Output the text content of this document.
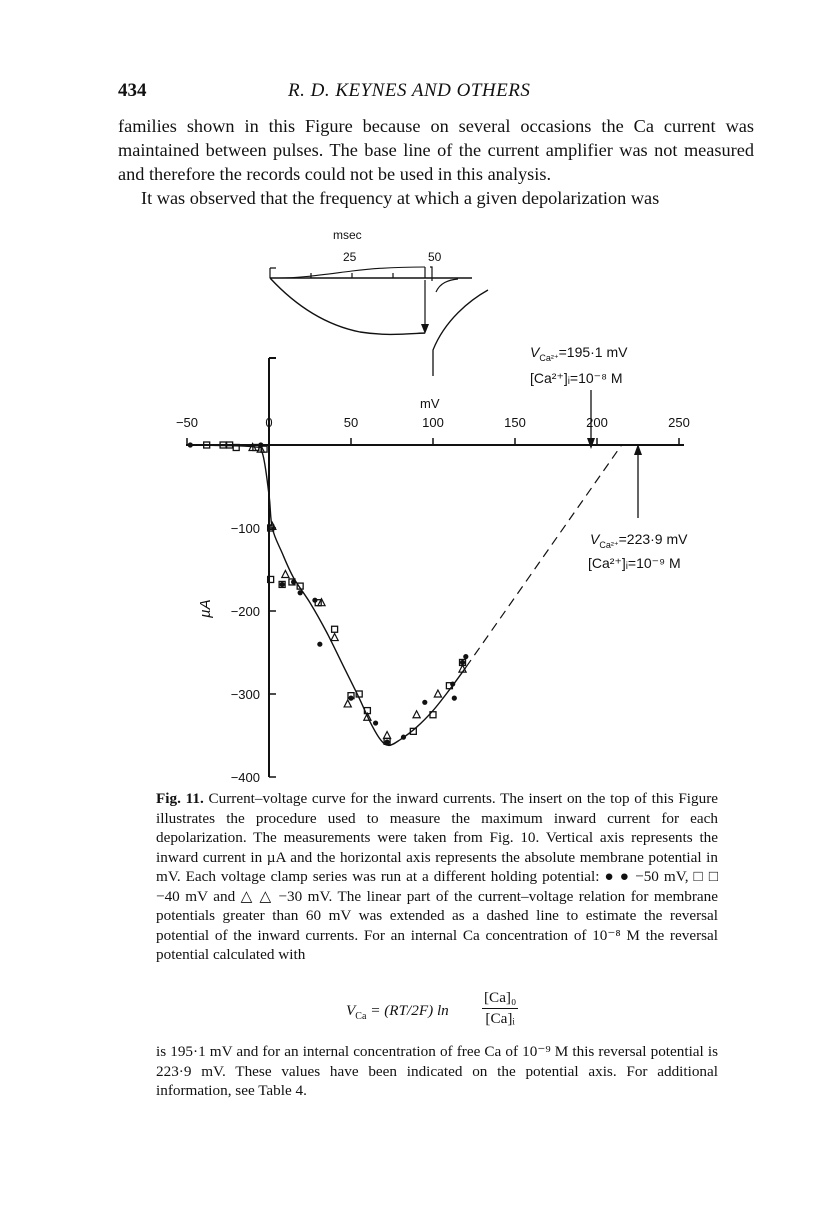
434	R. D. KEYNES AND OTHERS
families shown in this Figure because on several occasions the Ca current was maintained between pulses. The base line of the current amplifier was not measured and therefore the records could not be used in this analysis.
It was observed that the frequency at which a given depolarization was
msec
25	50
mV
µA
−50	0	50	100	150	200	250
−100
−200
−300
−400
$V_{Ca^{2+}}=195\cdot 1$ mV
[Ca²⁺]ᵢ=10⁻⁸ M
$V_{Ca^{2+}}=223\cdot 9$ mV
[Ca²⁺]ᵢ=10⁻⁹ M

Fig. 11. Current–voltage curve for the inward currents. The insert on the top of this Figure illustrates the procedure used to measure the maximum inward current for each depolarization. The measurements were taken from Fig. 10. Vertical axis represents the inward current in µA and the horizontal axis represents the absolute membrane potential in mV. Each voltage clamp series was run at a different holding potential: ● ● −50 mV, □ □ −40 mV and △ △ −30 mV. The linear part of the current–voltage relation for membrane potentials greater than 60 mV was extended as a dashed line to estimate the reversal potential of the inward currents. For an internal Ca concentration of 10⁻⁸ M the reversal potential calculated with

$V_{Ca} = (RT/2F)$ $\ln \frac{\text{[Ca]₀}}{\text{[Ca]ᵢ}}$
is 195·1 mV and for an internal concentration of free Ca of 10⁻⁹ M this reversal potential is 223·9 mV. These values have been indicated on the potential axis. For additional information, see Table 4.
